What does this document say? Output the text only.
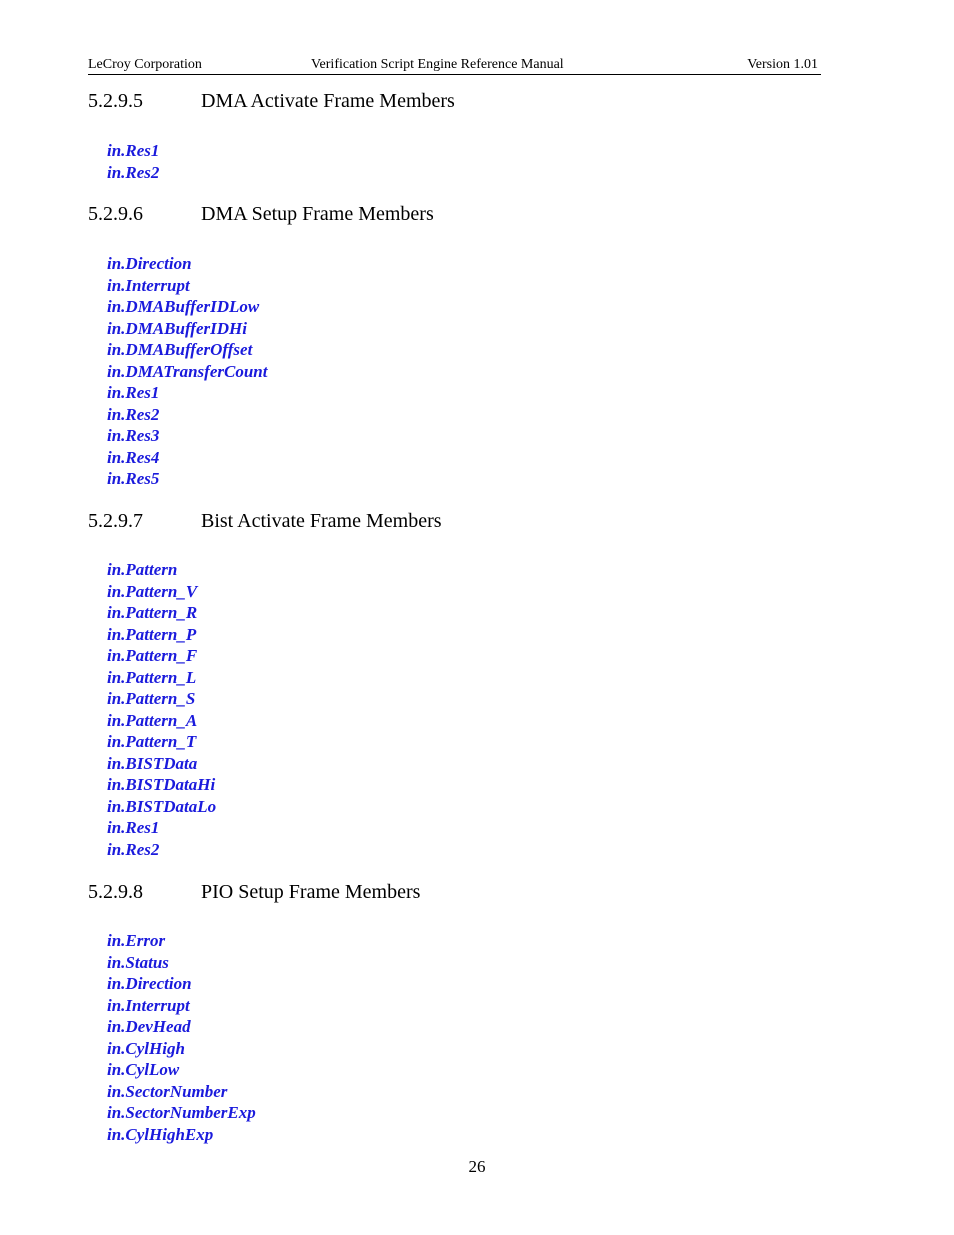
LeCroy Corporation	Verification Script Engine Reference Manual	Version 1.01
5.2.9.5	DMA Activate Frame Members
in.Res1
in.Res2
5.2.9.6	DMA Setup Frame Members
in.Direction
in.Interrupt
in.DMABufferIDLow
in.DMABufferIDHi
in.DMABufferOffset
in.DMATransferCount
in.Res1
in.Res2
in.Res3
in.Res4
in.Res5
5.2.9.7	Bist Activate Frame Members
in.Pattern
in.Pattern_V
in.Pattern_R
in.Pattern_P
in.Pattern_F
in.Pattern_L
in.Pattern_S
in.Pattern_A
in.Pattern_T
in.BISTData
in.BISTDataHi
in.BISTDataLo
in.Res1
in.Res2
5.2.9.8	PIO Setup Frame Members
in.Error
in.Status
in.Direction
in.Interrupt
in.DevHead
in.CylHigh
in.CylLow
in.SectorNumber
in.SectorNumberExp
in.CylHighExp
26
